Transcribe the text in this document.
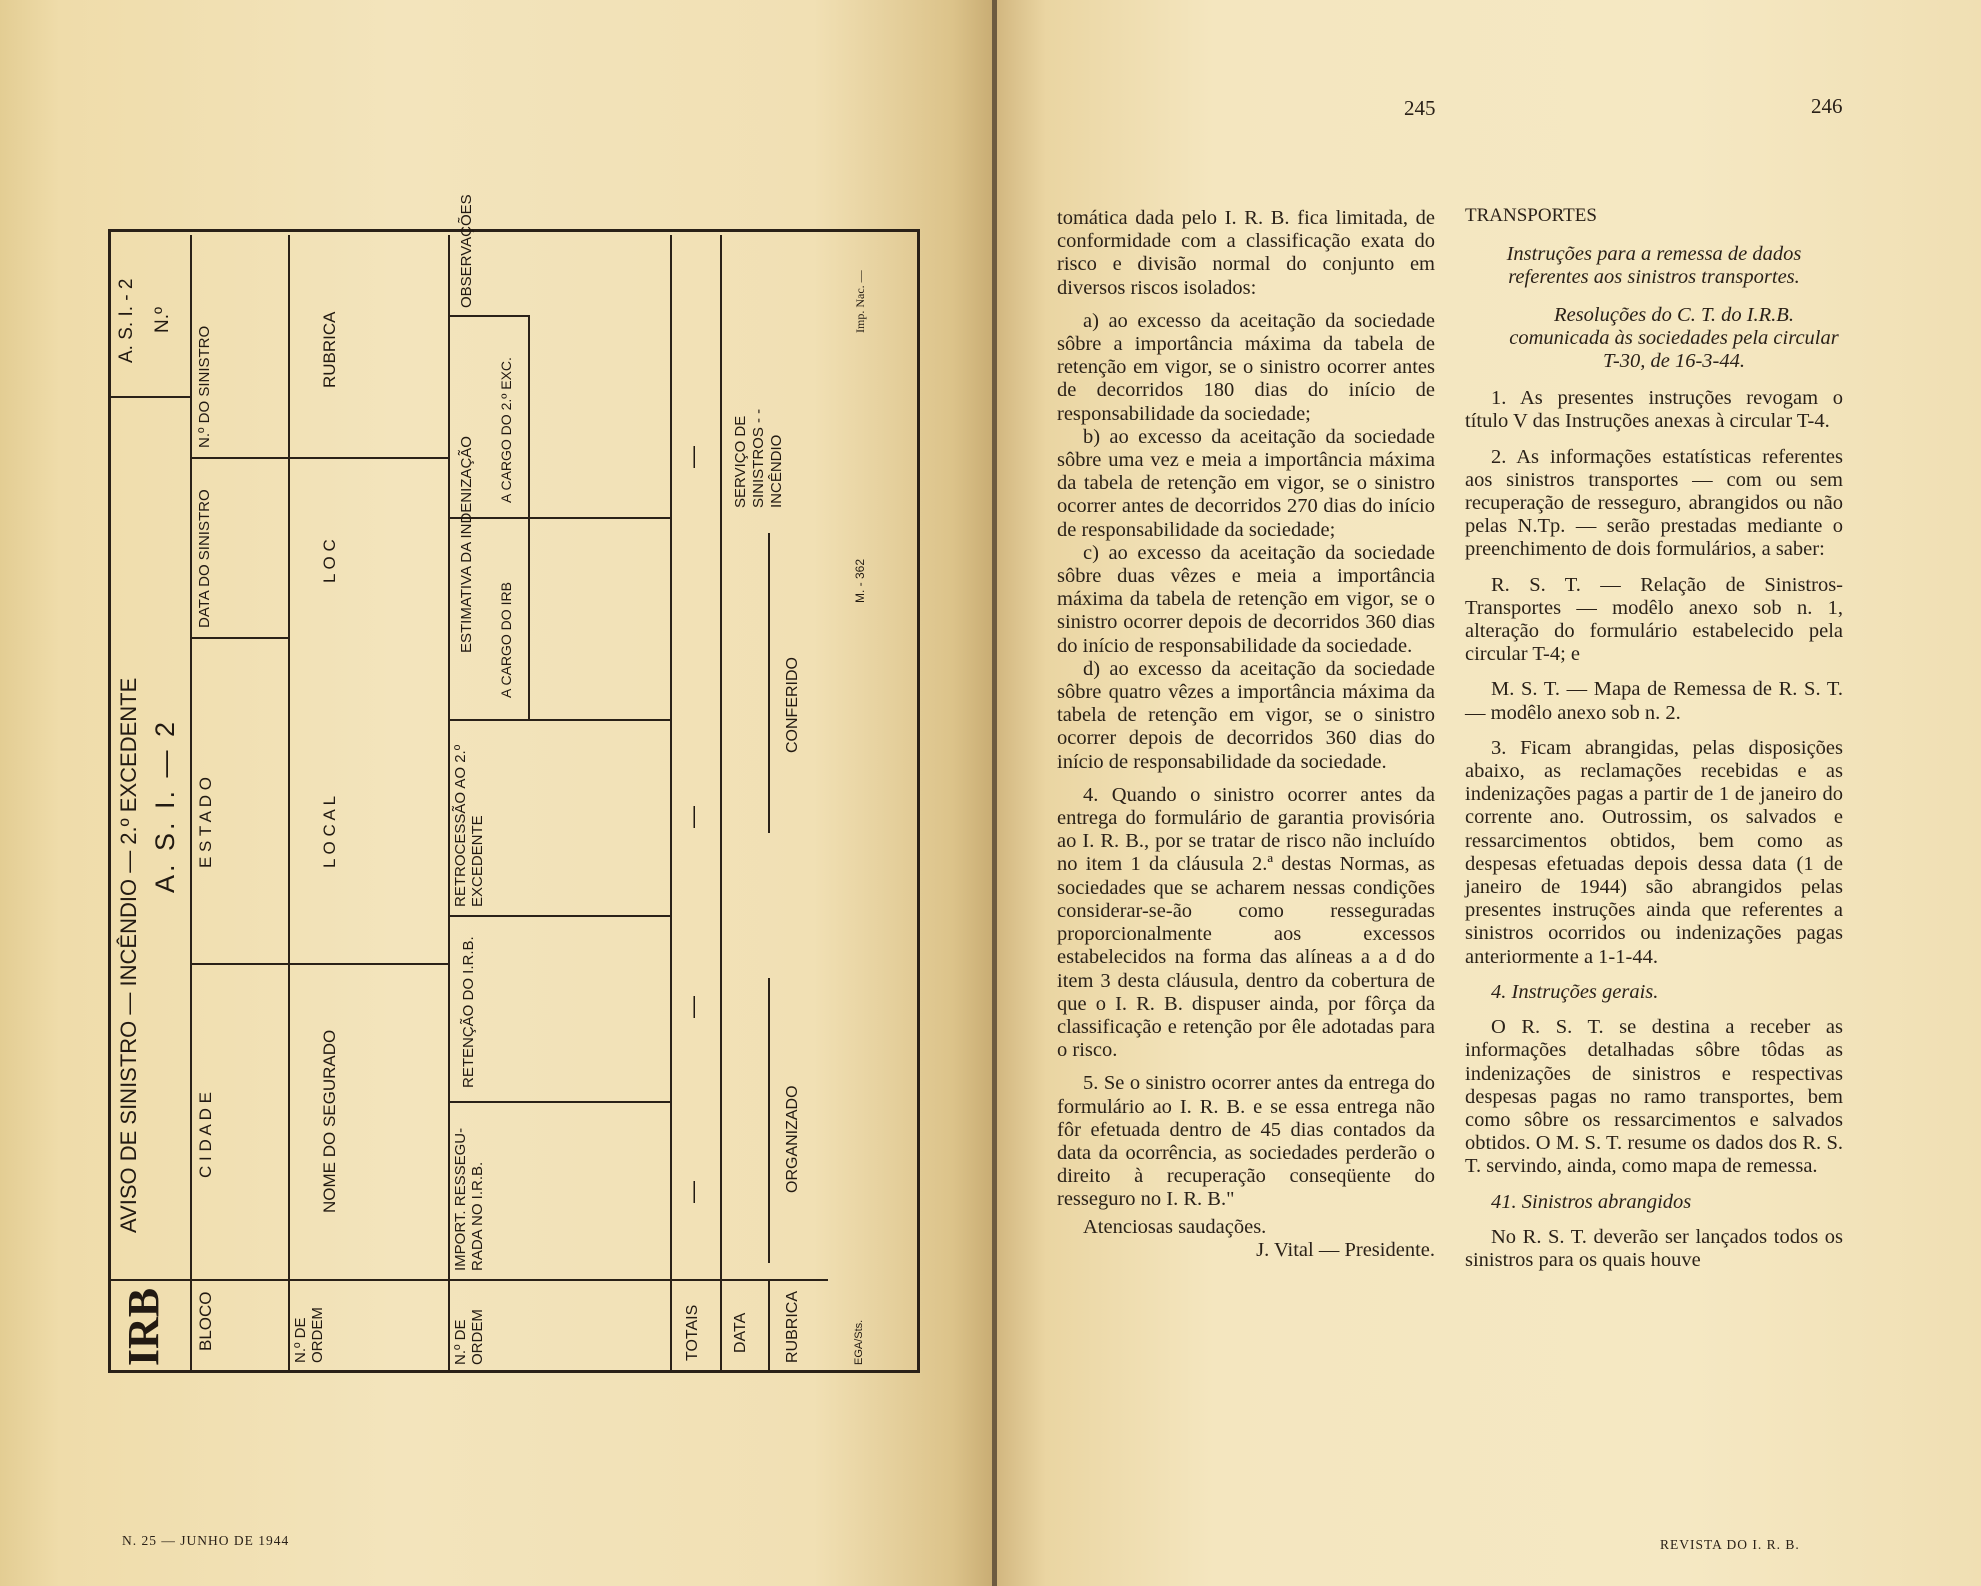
IRB
AVISO DE SINISTRO — INCÊNDIO — 2.º EXCEDENTE A. S. I. — 2
A. S. I. - 2 N.º
BLOCO
C I D A D E
E S T A D O
DATA DO SINISTRO
N.º DO SINISTRO
N.º DE ORDEM
NOME DO SEGURADO
L O C A L
L O C
RUBRICA
N.º DE ORDEM
IMPORT. RESSEGU- RADA NO I.R.B.
RETENÇÃO DO I.R.B.
RETROCESSÃO AO 2.º EXCEDENTE
ESTIMATIVA DA INDENIZAÇÃO A CARGO DO IRB
A CARGO DO 2.º EXC.
OBSERVAÇÕES
TOTAIS
—
—
—
—
DATA RUBRICA
ORGANIZADO
CONFERIDO
SERVIÇO DE SINISTROS - - INCÊNDIO
EGA/Sts.
M. - 362
Imp. Nac. —
N. 25 — JUNHO DE 1944
245	246

tomática dada pelo I. R. B. fica limitada, de conformidade com a classificação exata do risco e divisão normal do conjunto em diversos riscos isolados:

a) ao excesso da aceitação da sociedade sôbre a importância máxima da tabela de retenção em vigor, se o sinistro ocorrer antes de decorridos 180 dias do início de responsabilidade da sociedade;

b) ao excesso da aceitação da sociedade sôbre uma vez e meia a importância máxima da tabela de retenção em vigor, se o sinistro ocorrer antes de decorridos 270 dias do início de responsabilidade da sociedade;

c) ao excesso da aceitação da sociedade sôbre duas vêzes e meia a importância máxima da tabela de retenção em vigor, se o sinistro ocorrer depois de decorridos 360 dias do início de responsabilidade da sociedade.

d) ao excesso da aceitação da sociedade sôbre quatro vêzes a importância máxima da tabela de retenção em vigor, se o sinistro ocorrer depois de decorridos 360 dias do início de responsabilidade da sociedade.

4. Quando o sinistro ocorrer antes da entrega do formulário de garantia provisória ao I. R. B., por se tratar de risco não incluído no item 1 da cláusula 2.ª destas Normas, as sociedades que se acharem nessas condições considerar-se-ão como resseguradas proporcionalmente aos excessos estabelecidos na forma das alíneas a a d do item 3 desta cláusula, dentro da cobertura de que o I. R. B. dispuser ainda, por fôrça da classificação e retenção por êle adotadas para o risco.

5. Se o sinistro ocorrer antes da entrega do formulário ao I. R. B. e se essa entrega não fôr efetuada dentro de 45 dias contados da data da ocorrência, as sociedades perderão o direito à recuperação conseqüente do resseguro no I. R. B."

Atenciosas saudações.

J. Vital — Presidente.

TRANSPORTES

Instruções para a remessa de dados referentes aos sinistros transportes.

Resoluções do C. T. do I.R.B. comunicada às sociedades pela circular T-30, de 16-3-44.

1. As presentes instruções revogam o título V das Instruções anexas à circular T-4.

2. As informações estatísticas referentes aos sinistros transportes — com ou sem recuperação de resseguro, abrangidos ou não pelas N.Tp. — serão prestadas mediante o preenchimento de dois formulários, a saber:

R. S. T. — Relação de Sinistros-Transportes — modêlo anexo sob n. 1, alteração do formulário estabelecido pela circular T-4; e

M. S. T. — Mapa de Remessa de R. S. T. — modêlo anexo sob n. 2.

3. Ficam abrangidas, pelas disposições abaixo, as reclamações recebidas e as indenizações pagas a partir de 1 de janeiro do corrente ano. Outrossim, os salvados e ressarcimentos obtidos, bem como as despesas efetuadas depois dessa data (1 de janeiro de 1944) são abrangidos pelas presentes instruções ainda que referentes a sinistros ocorridos ou indenizações pagas anteriormente a 1-1-44.

4. Instruções gerais.

O R. S. T. se destina a receber as informações detalhadas sôbre tôdas as indenizações de sinistros e respectivas despesas pagas no ramo transportes, bem como sôbre os ressarcimentos e salvados obtidos. O M. S. T. resume os dados dos R. S. T. servindo, ainda, como mapa de remessa.

41. Sinistros abrangidos

No R. S. T. deverão ser lançados todos os sinistros para os quais houve

REVISTA DO I. R. B.
